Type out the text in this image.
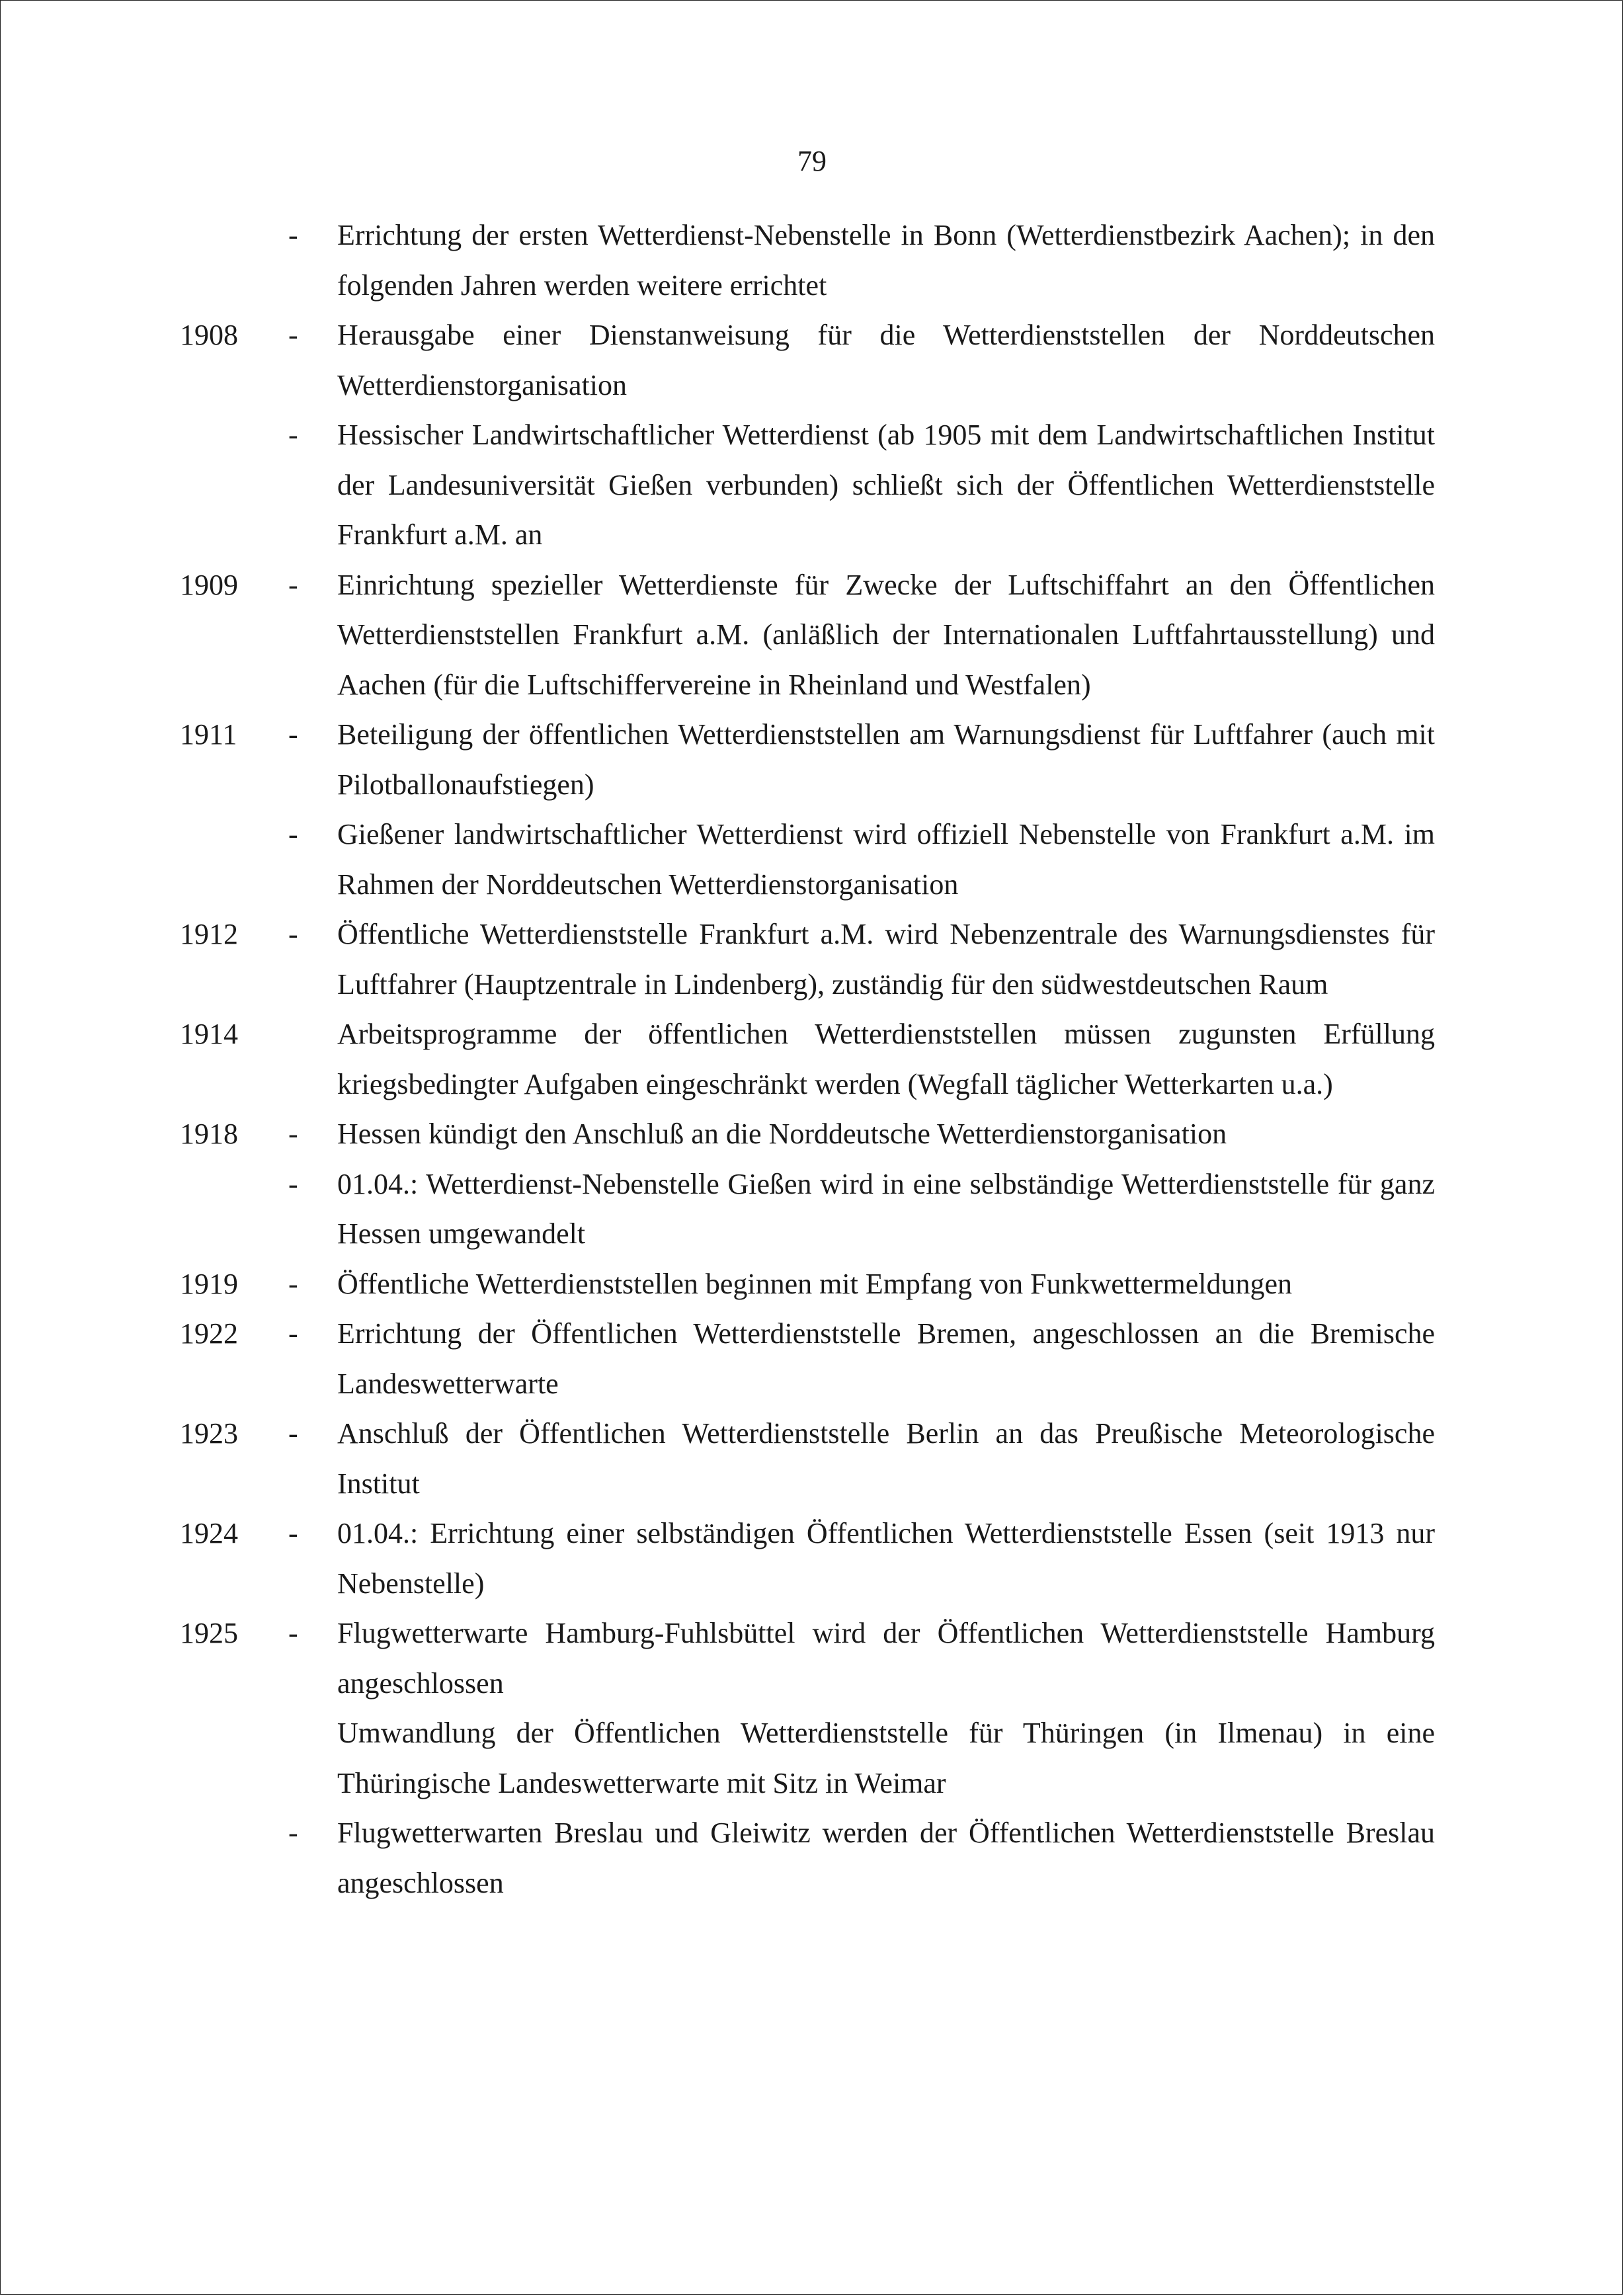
79
- Errichtung der ersten Wetterdienst-Nebenstelle in Bonn (Wetterdienstbezirk Aachen); in den folgenden Jahren werden weitere errichtet
1908 - Herausgabe einer Dienstanweisung für die Wetterdienststellen der Norddeutschen Wetterdienstorganisation
- Hessischer Landwirtschaftlicher Wetterdienst (ab 1905 mit dem Landwirtschaftlichen Institut der Landesuniversität Gießen verbunden) schließt sich der Öffentlichen Wetterdienststelle Frankfurt a.M. an
1909 - Einrichtung spezieller Wetterdienste für Zwecke der Luftschiffahrt an den Öffentlichen Wetterdienststellen Frankfurt a.M. (anläßlich der Internationalen Luftfahrtausstellung) und Aachen (für die Luftschiffervereine in Rheinland und Westfalen)
1911 - Beteiligung der öffentlichen Wetterdienststellen am Warnungsdienst für Luftfahrer (auch mit Pilotballonaufstiegen)
- Gießener landwirtschaftlicher Wetterdienst wird offiziell Nebenstelle von Frankfurt a.M. im Rahmen der Norddeutschen Wetterdienstorganisation
1912 - Öffentliche Wetterdienststelle Frankfurt a.M. wird Nebenzentrale des Warnungsdienstes für Luftfahrer (Hauptzentrale in Lindenberg), zuständig für den südwestdeutschen Raum
1914	Arbeitsprogramme der öffentlichen Wetterdienststellen müssen zugunsten Erfüllung kriegsbedingter Aufgaben eingeschränkt werden (Wegfall täglicher Wetterkarten u.a.)
1918 - Hessen kündigt den Anschluß an die Norddeutsche Wetterdienstorganisation
- 01.04.: Wetterdienst-Nebenstelle Gießen wird in eine selbständige Wetterdienststelle für ganz Hessen umgewandelt
1919 - Öffentliche Wetterdienststellen beginnen mit Empfang von Funkwettermeldungen
1922 - Errichtung der Öffentlichen Wetterdienststelle Bremen, angeschlossen an die Bremische Landeswetterwarte
1923 - Anschluß der Öffentlichen Wetterdienststelle Berlin an das Preußische Meteorologische Institut
1924 - 01.04.: Errichtung einer selbständigen Öffentlichen Wetterdienststelle Essen (seit 1913 nur Nebenstelle)
1925 - Flugwetterwarte Hamburg-Fuhlsbüttel wird der Öffentlichen Wetterdienststelle Hamburg angeschlossen
Umwandlung der Öffentlichen Wetterdienststelle für Thüringen (in Ilmenau) in eine Thüringische Landeswetterwarte mit Sitz in Weimar
- Flugwetterwarten Breslau und Gleiwitz werden der Öffentlichen Wetterdienststelle Breslau angeschlossen
